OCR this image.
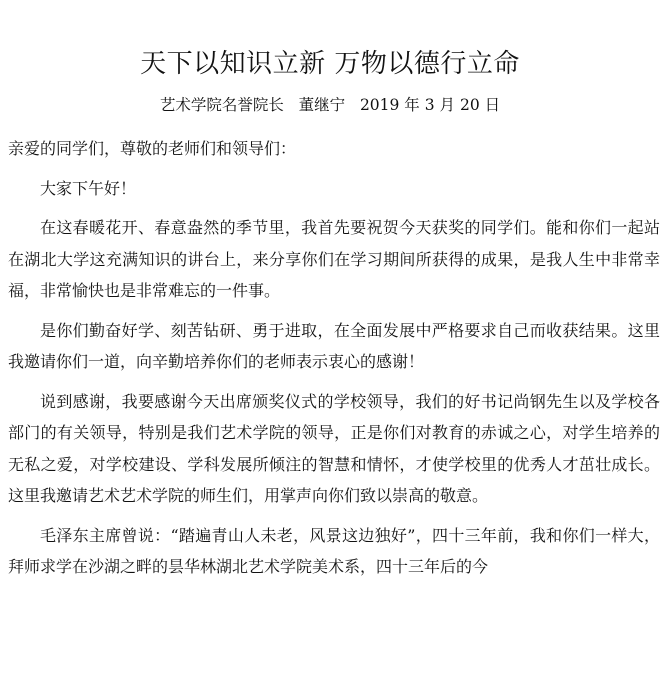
天下以知识立新 万物以德行立命
艺术学院名誉院长   董继宁   2019 年 3 月 20 日

亲爱的同学们，尊敬的老师们和领导们：

大家下午好！

在这春暖花开、春意盎然的季节里，我首先要祝贺今天获奖的同学们。能和你们一起站在湖北大学这充满知识的讲台上，来分享你们在学习期间所获得的成果，是我人生中非常幸福，非常愉快也是非常难忘的一件事。

是你们勤奋好学、刻苦钻研、勇于进取，在全面发展中严格要求自己而收获结果。这里我邀请你们一道，向辛勤培养你们的老师表示衷心的感谢！

说到感谢，我要感谢今天出席颁奖仪式的学校领导，我们的好书记尚钢先生以及学校各部门的有关领导，特别是我们艺术学院的领导，正是你们对教育的赤诚之心，对学生培养的无私之爱，对学校建设、学科发展所倾注的智慧和情怀，才使学校里的优秀人才茁壮成长。这里我邀请艺术艺术学院的师生们，用掌声向你们致以崇高的敬意。

毛泽东主席曾说：“踏遍青山人未老，风景这边独好”，四十三年前，我和你们一样大，拜师求学在沙湖之畔的昙华林湖北艺术学院美术系，四十三年后的今
